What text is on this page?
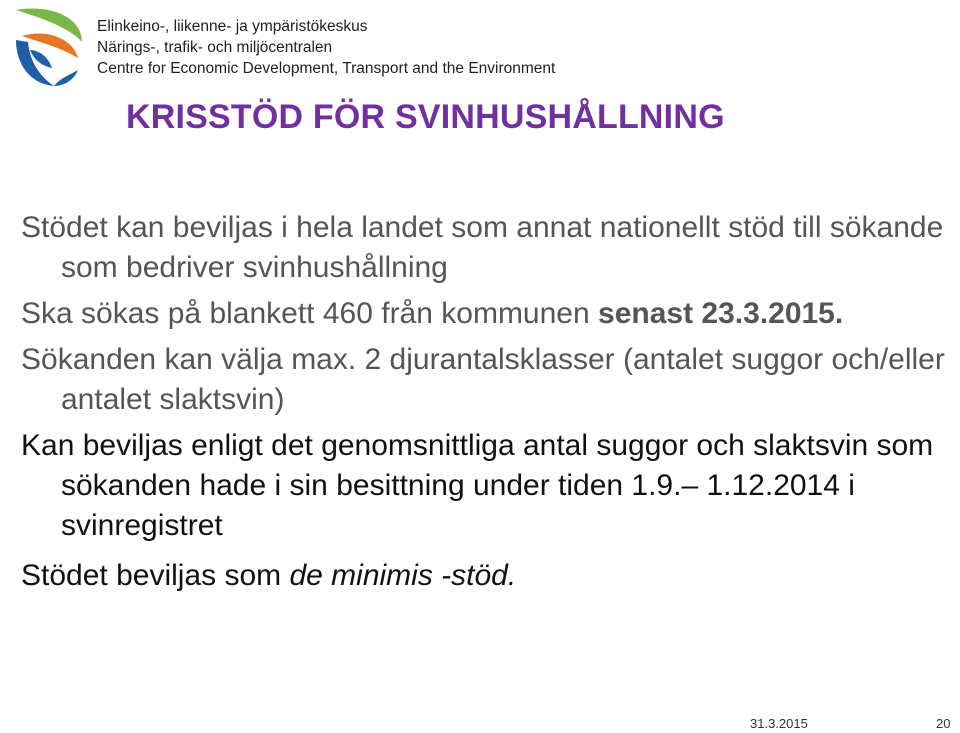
Elinkeino-, liikenne- ja ympäristökeskus
Närings-, trafik- och miljöcentralen
Centre for Economic Development, Transport and the Environment
KRISSTÖD FÖR SVINHUSHÅLLNING

Stödet kan beviljas i hela landet som annat nationellt stöd till sökande som bedriver svinhushållning

Ska sökas på blankett 460 från kommunen senast 23.3.2015.

Sökanden kan välja max. 2 djurantalsklasser (antalet suggor och/eller antalet slaktsvin)

Kan beviljas enligt det genomsnittliga antal suggor och slaktsvin som sökanden hade i sin besittning under tiden 1.9.– 1.12.2014 i svinregistret

Stödet beviljas som de minimis -stöd.

31.3.2015	20
